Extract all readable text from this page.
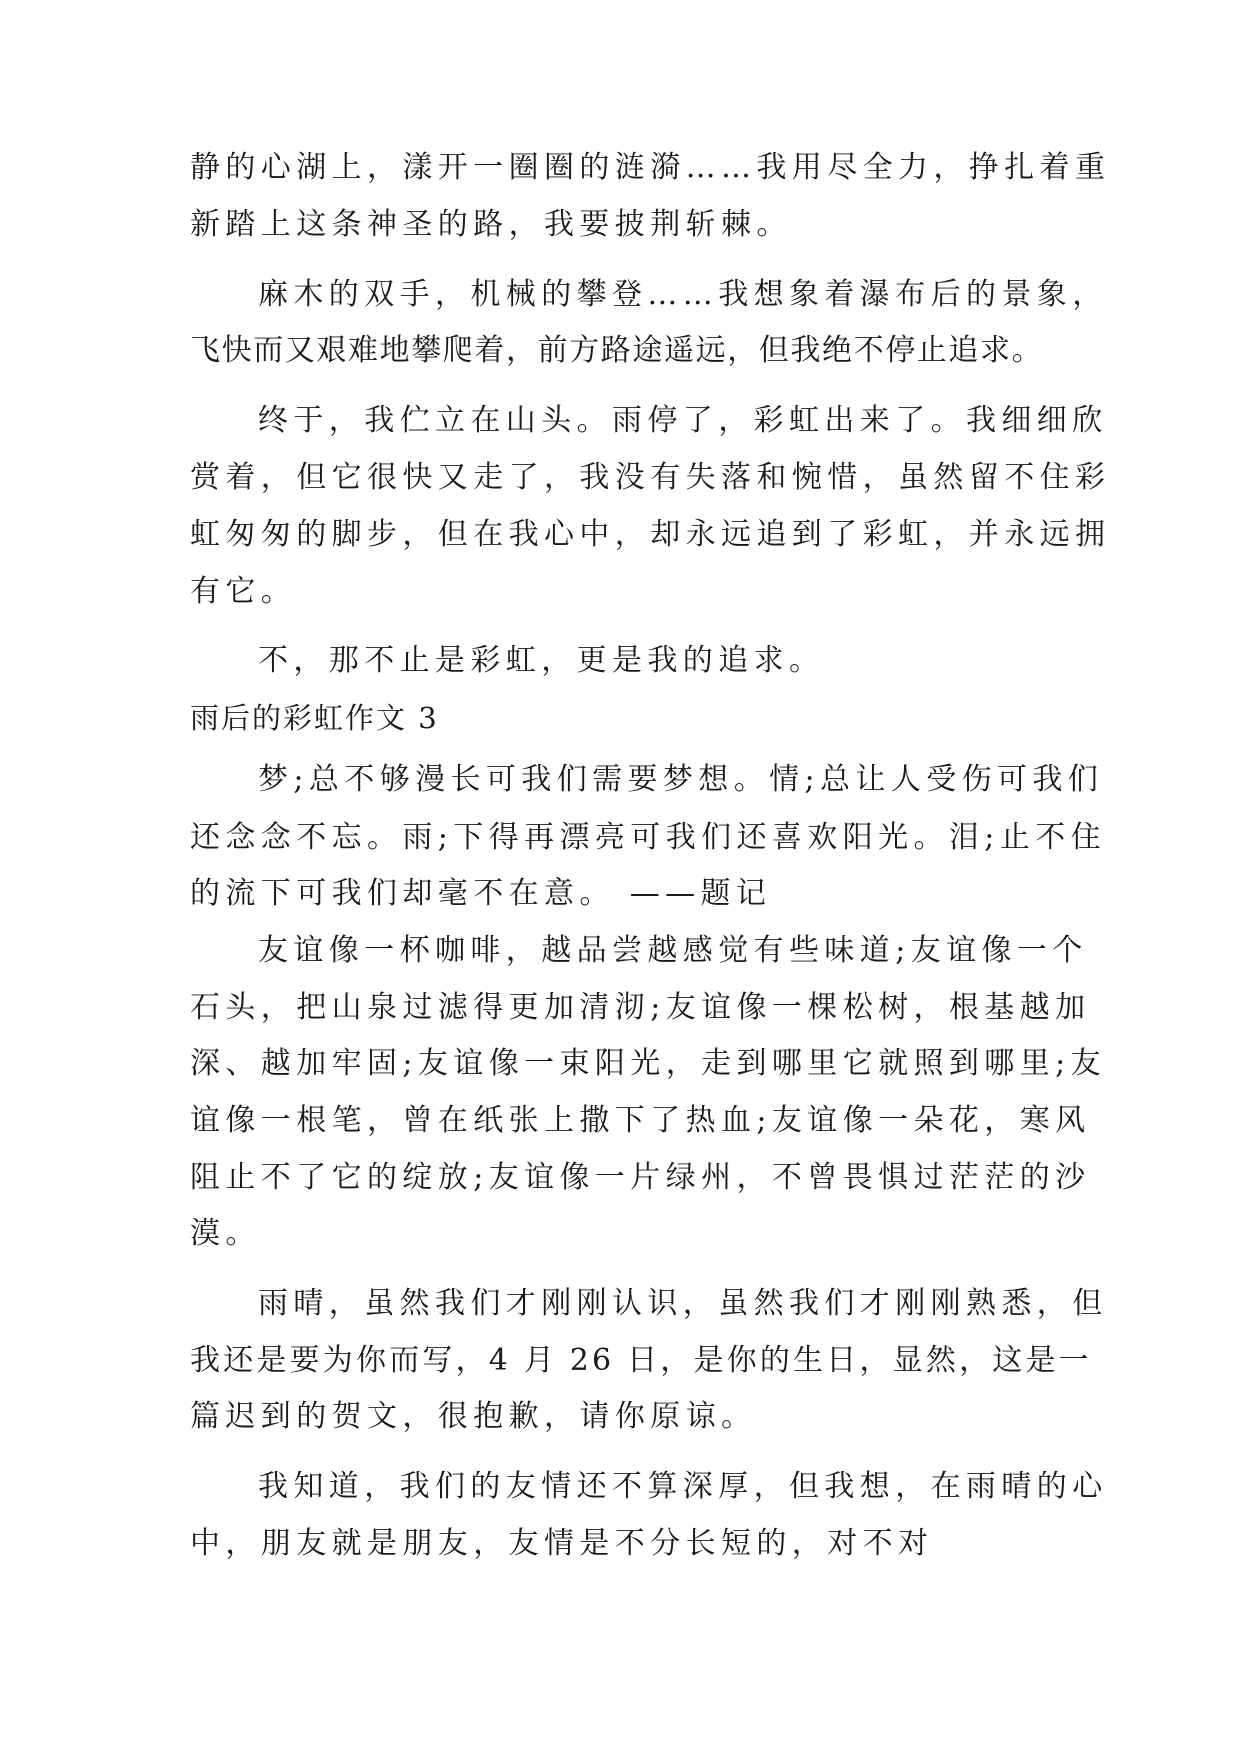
静的心湖上，漾开一圈圈的涟漪……我用尽全力，挣扎着重
新踏上这条神圣的路，我要披荆斩棘。
麻木的双手，机械的攀登……我想象着瀑布后的景象，
飞快而又艰难地攀爬着，前方路途遥远，但我绝不停止追求。
终于，我伫立在山头。雨停了，彩虹出来了。我细细欣
赏着，但它很快又走了，我没有失落和惋惜，虽然留不住彩
虹匆匆的脚步，但在我心中，却永远追到了彩虹，并永远拥
有它。
不，那不止是彩虹，更是我的追求。
雨后的彩虹作文 3
梦;总不够漫长可我们需要梦想。情;总让人受伤可我们
还念念不忘。雨;下得再漂亮可我们还喜欢阳光。泪;止不住
的流下可我们却毫不在意。 ——题记
友谊像一杯咖啡，越品尝越感觉有些味道;友谊像一个
石头，把山泉过滤得更加清沏;友谊像一棵松树，根基越加
深、越加牢固;友谊像一束阳光，走到哪里它就照到哪里;友
谊像一根笔，曾在纸张上撒下了热血;友谊像一朵花，寒风
阻止不了它的绽放;友谊像一片绿州，不曾畏惧过茫茫的沙
漠。
雨晴，虽然我们才刚刚认识，虽然我们才刚刚熟悉，但
我还是要为你而写，4 月 26 日，是你的生日，显然，这是一
篇迟到的贺文，很抱歉，请你原谅。
我知道，我们的友情还不算深厚，但我想，在雨晴的心
中，朋友就是朋友，友情是不分长短的，对不对
